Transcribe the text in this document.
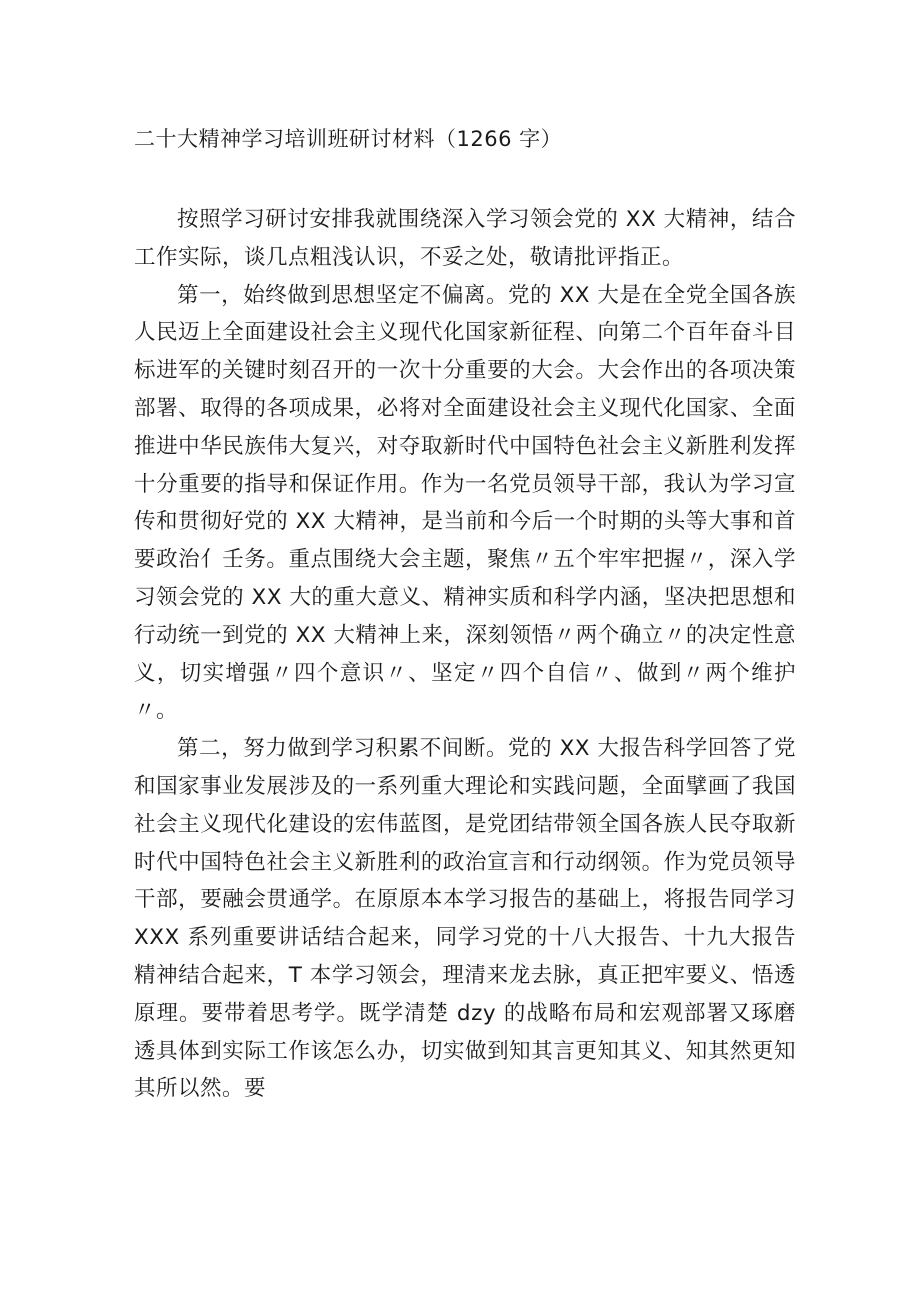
二十大精神学习培训班研讨材料（1266 字）

按照学习研讨安排我就围绕深入学习领会党的 XX 大精神，结合工作实际，谈几点粗浅认识，不妥之处，敬请批评指正。

第一，始终做到思想坚定不偏离。党的 XX 大是在全党全国各族人民迈上全面建设社会主义现代化国家新征程、向第二个百年奋斗目标进军的关键时刻召开的一次十分重要的大会。大会作出的各项决策部署、取得的各项成果，必将对全面建设社会主义现代化国家、全面推进中华民族伟大复兴，对夺取新时代中国特色社会主义新胜利发挥十分重要的指导和保证作用。作为一名党员领导干部，我认为学习宣传和贯彻好党的 XX 大精神，是当前和今后一个时期的头等大事和首要政治亻壬务。重点围绕大会主题，聚焦〃五个牢牢把握〃，深入学习领会党的 XX 大的重大意义、精神实质和科学内涵，坚决把思想和行动统一到党的 XX 大精神上来，深刻领悟〃两个确立〃的决定性意义，切实增强〃四个意识〃、坚定〃四个自信〃、做到〃两个维护〃。

第二，努力做到学习积累不间断。党的 XX 大报告科学回答了党和国家事业发展涉及的一系列重大理论和实践问题，全面擘画了我国社会主义现代化建设的宏伟蓝图，是党团结带领全国各族人民夺取新时代中国特色社会主义新胜利的政治宣言和行动纲领。作为党员领导干部，要融会贯通学。在原原本本学习报告的基础上，将报告同学习 XXX 系列重要讲话结合起来，同学习党的十八大报告、十九大报告精神结合起来，T 本学习领会，理清来龙去脉，真正把牢要义、悟透原理。要带着思考学。既学清楚 dzy 的战略布局和宏观部署又琢磨透具体到实际工作该怎么办，切实做到知其言更知其义、知其然更知其所以然。要
